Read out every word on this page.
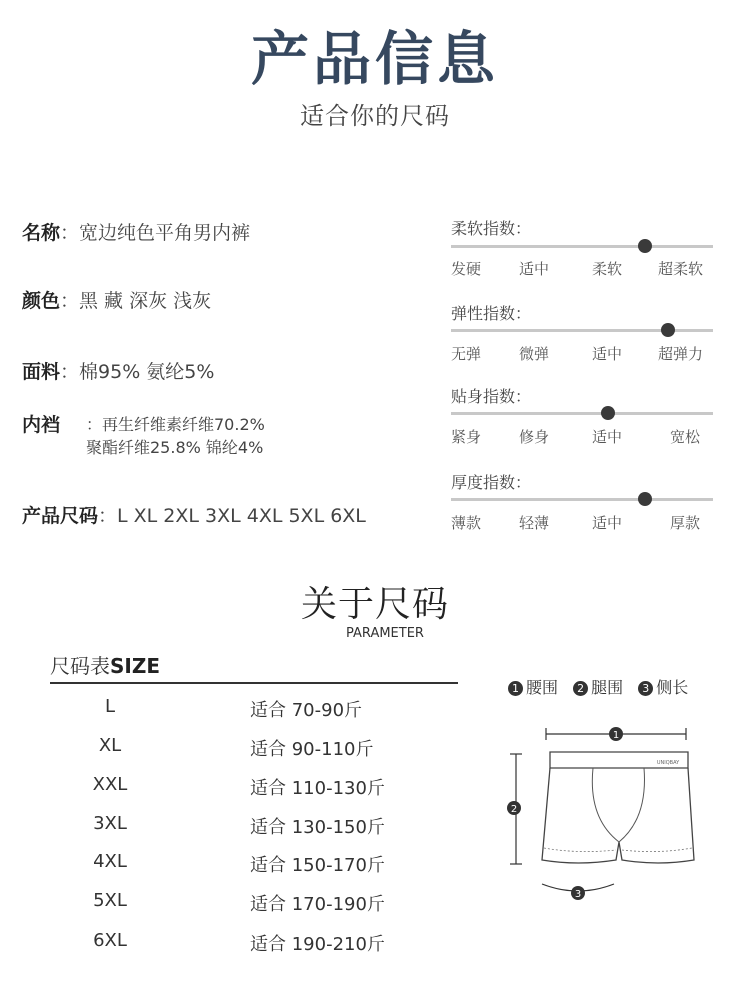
产品信息
适合你的尺码
名称：宽边纯色平角男内裤
颜色：黑 藏 深灰 浅灰
面料：棉95% 氨纶5%
内裆 ：再生纤维素纤维70.2%
聚酯纤维25.8% 锦纶4%
产品尺码：L XL 2XL 3XL 4XL 5XL 6XL
柔软指数：
发硬	适中	柔软 超柔软
弹性指数：
无弹	微弹	适中 超弹力
贴身指数：
紧身	修身	适中	宽松
厚度指数：
薄款	轻薄	适中	厚款
关于尺码
PARAMETER
尺码表SIZE
L	适合 70-90斤
XL	适合 90-110斤
XXL	适合 110-130斤
3XL	适合 130-150斤
4XL	适合 150-170斤
5XL	适合 170-190斤
6XL	适合 190-210斤
1 腰围 2 腿围 3 侧长
1
2
UNIQBAY
3
